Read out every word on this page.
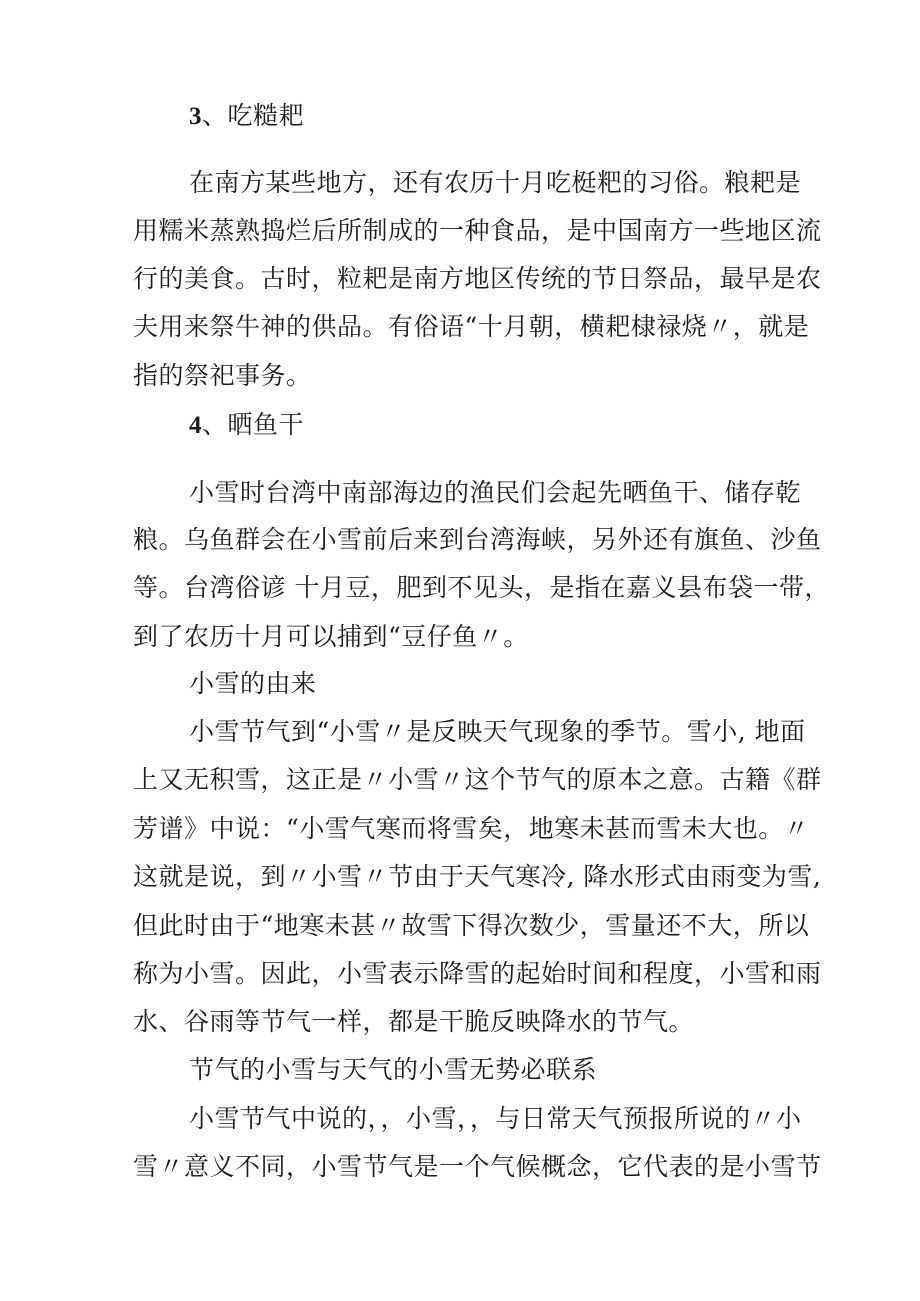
3、吃糙耙
在南方某些地方，还有农历十月吃梃粑的习俗。粮耙是
用糯米蒸熟捣烂后所制成的一种食品，是中国南方一些地区流
行的美食。古时，粒耙是南方地区传统的节日祭品，最早是农
夫用来祭牛神的供品。有俗语“十月朝，横耙棣禄烧〃，就是
指的祭祀事务。
4、晒鱼干
小雪时台湾中南部海边的渔民们会起先晒鱼干、储存乾
粮。乌鱼群会在小雪前后来到台湾海峡，另外还有旗鱼、沙鱼
等。台湾俗谚 十月豆，肥到不见头，是指在嘉义县布袋一带，
到了农历十月可以捕到“豆仔鱼〃。
小雪的由来
小雪节气到“小雪〃是反映天气现象的季节。雪小, 地面
上又无积雪，这正是〃小雪〃这个节气的原本之意。古籍《群
芳谱》中说：“小雪气寒而将雪矣，地寒未甚而雪未大也。〃
这就是说，到〃小雪〃节由于天气寒冷, 降水形式由雨变为雪,
但此时由于“地寒未甚〃故雪下得次数少，雪量还不大，所以
称为小雪。因此，小雪表示降雪的起始时间和程度，小雪和雨
水、谷雨等节气一样，都是干脆反映降水的节气。
节气的小雪与天气的小雪无势必联系
小雪节气中说的，，小雪，，与日常天气预报所说的〃小
雪〃意义不同，小雪节气是一个气候概念，它代表的是小雪节
